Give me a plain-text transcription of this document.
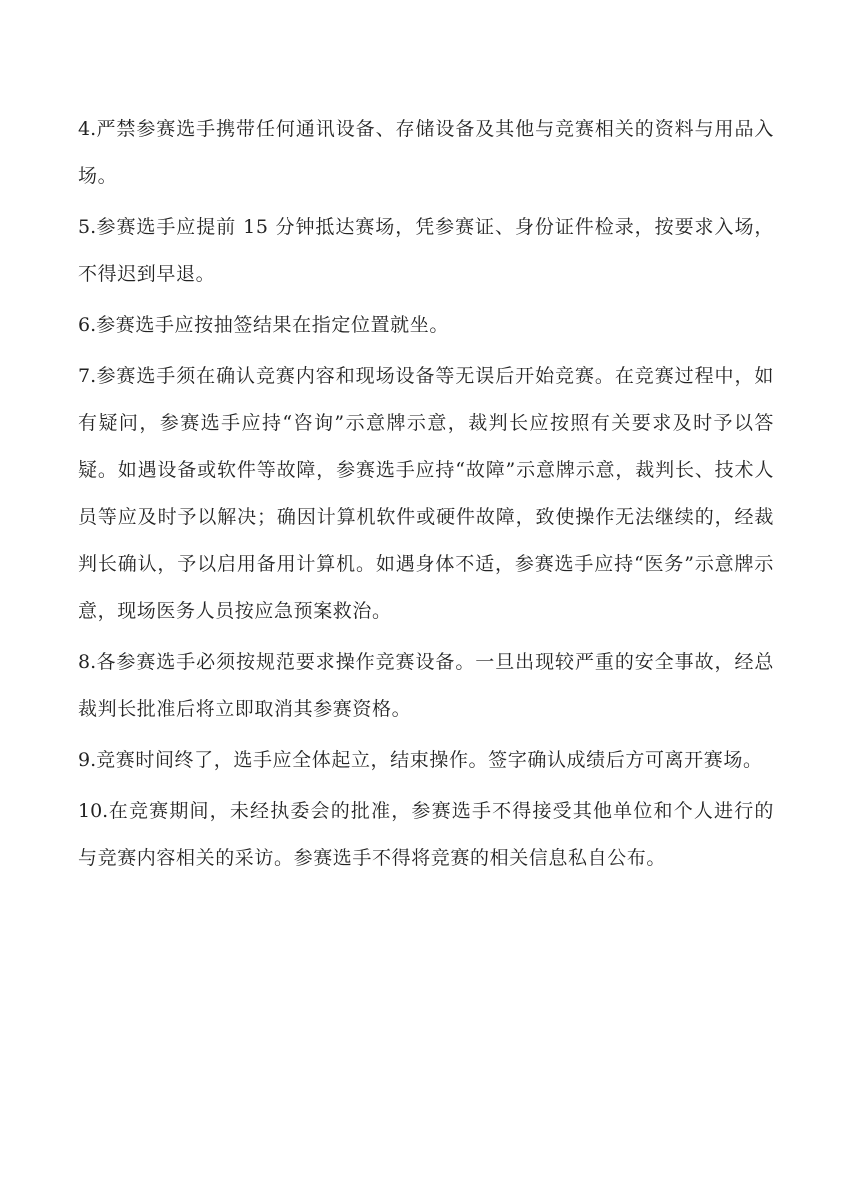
4.严禁参赛选手携带任何通讯设备、存储设备及其他与竞赛相关的资料与用品入场。

5.参赛选手应提前 15 分钟抵达赛场，凭参赛证、身份证件检录，按要求入场，不得迟到早退。

6.参赛选手应按抽签结果在指定位置就坐。

7.参赛选手须在确认竞赛内容和现场设备等无误后开始竞赛。在竞赛过程中，如有疑问，参赛选手应持“咨询”示意牌示意，裁判长应按照有关要求及时予以答疑。如遇设备或软件等故障，参赛选手应持“故障”示意牌示意，裁判长、技术人员等应及时予以解决；确因计算机软件或硬件故障，致使操作无法继续的，经裁判长确认，予以启用备用计算机。如遇身体不适，参赛选手应持“医务”示意牌示意，现场医务人员按应急预案救治。

8.各参赛选手必须按规范要求操作竞赛设备。一旦出现较严重的安全事故，经总裁判长批准后将立即取消其参赛资格。

9.竞赛时间终了，选手应全体起立，结束操作。签字确认成绩后方可离开赛场。

10.在竞赛期间，未经执委会的批准，参赛选手不得接受其他单位和个人进行的与竞赛内容相关的采访。参赛选手不得将竞赛的相关信息私自公布。
